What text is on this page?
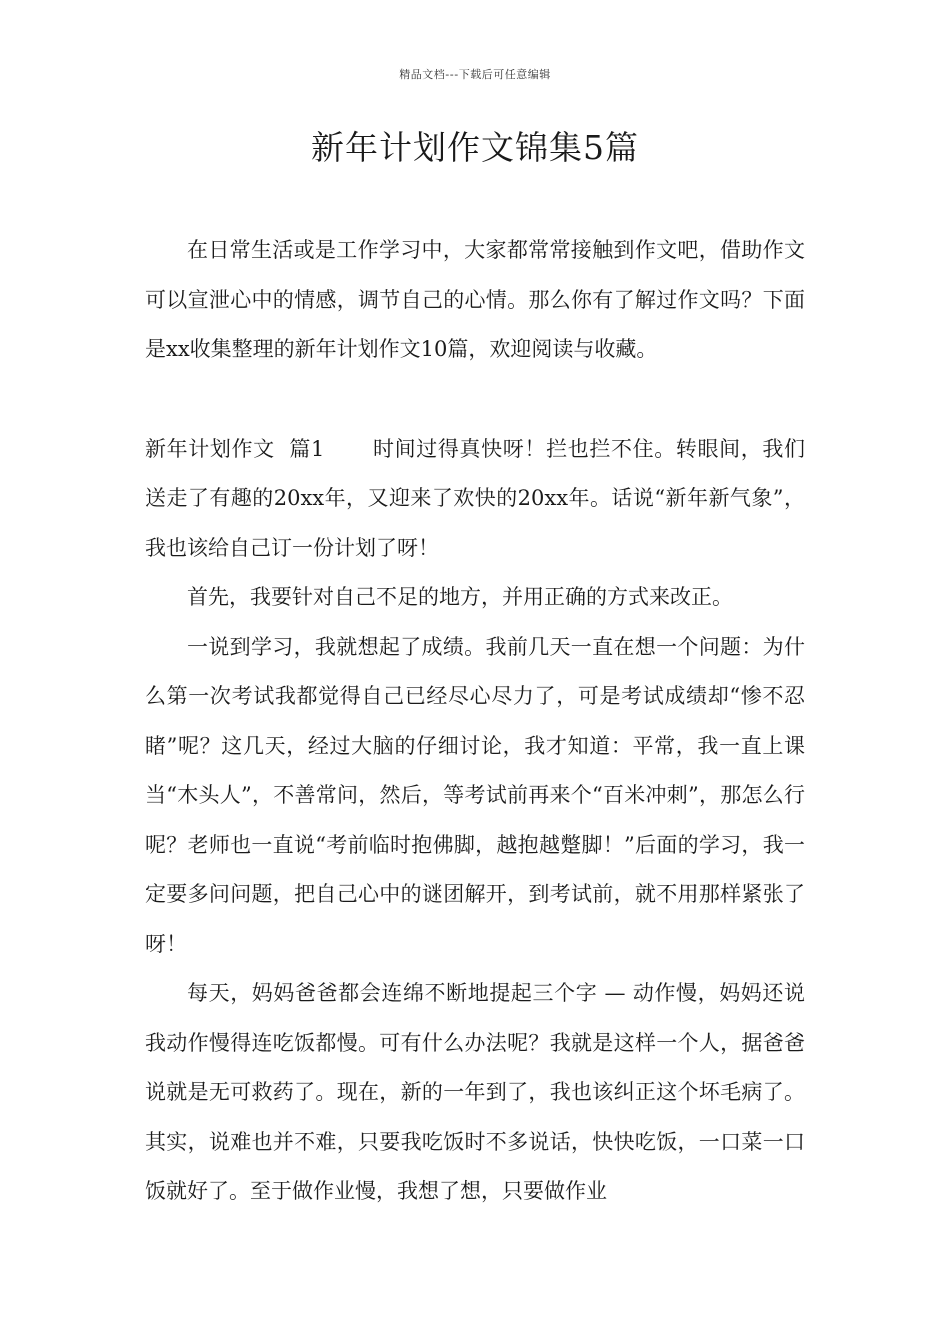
精品文档---下载后可任意编辑
新年计划作文锦集5篇

在日常生活或是工作学习中，大家都常常接触到作文吧，借助作文可以宣泄心中的情感，调节自己的心情。那么你有了解过作文吗？下面是xx收集整理的新年计划作文10篇，欢迎阅读与收藏。

新年计划作文  篇1 时间过得真快呀！拦也拦不住。转眼间，我们送走了有趣的20xx年，又迎来了欢快的20xx年。话说“新年新气象”，我也该给自己订一份计划了呀！

首先，我要针对自己不足的地方，并用正确的方式来改正。

一说到学习，我就想起了成绩。我前几天一直在想一个问题：为什么第一次考试我都觉得自己已经尽心尽力了，可是考试成绩却“惨不忍睹”呢？这几天，经过大脑的仔细讨论，我才知道：平常，我一直上课当“木头人”，不善常问，然后，等考试前再来个“百米冲刺”，那怎么行呢？老师也一直说“考前临时抱佛脚，越抱越蹩脚！”后面的学习，我一定要多问问题，把自己心中的谜团解开，到考试前，就不用那样紧张了呀！

每天，妈妈爸爸都会连绵不断地提起三个字 — 动作慢，妈妈还说我动作慢得连吃饭都慢。可有什么办法呢？我就是这样一个人，据爸爸说就是无可救药了。现在，新的一年到了，我也该纠正这个坏毛病了。其实，说难也并不难，只要我吃饭时不多说话，快快吃饭，一口菜一口饭就好了。至于做作业慢，我想了想，只要做作业
